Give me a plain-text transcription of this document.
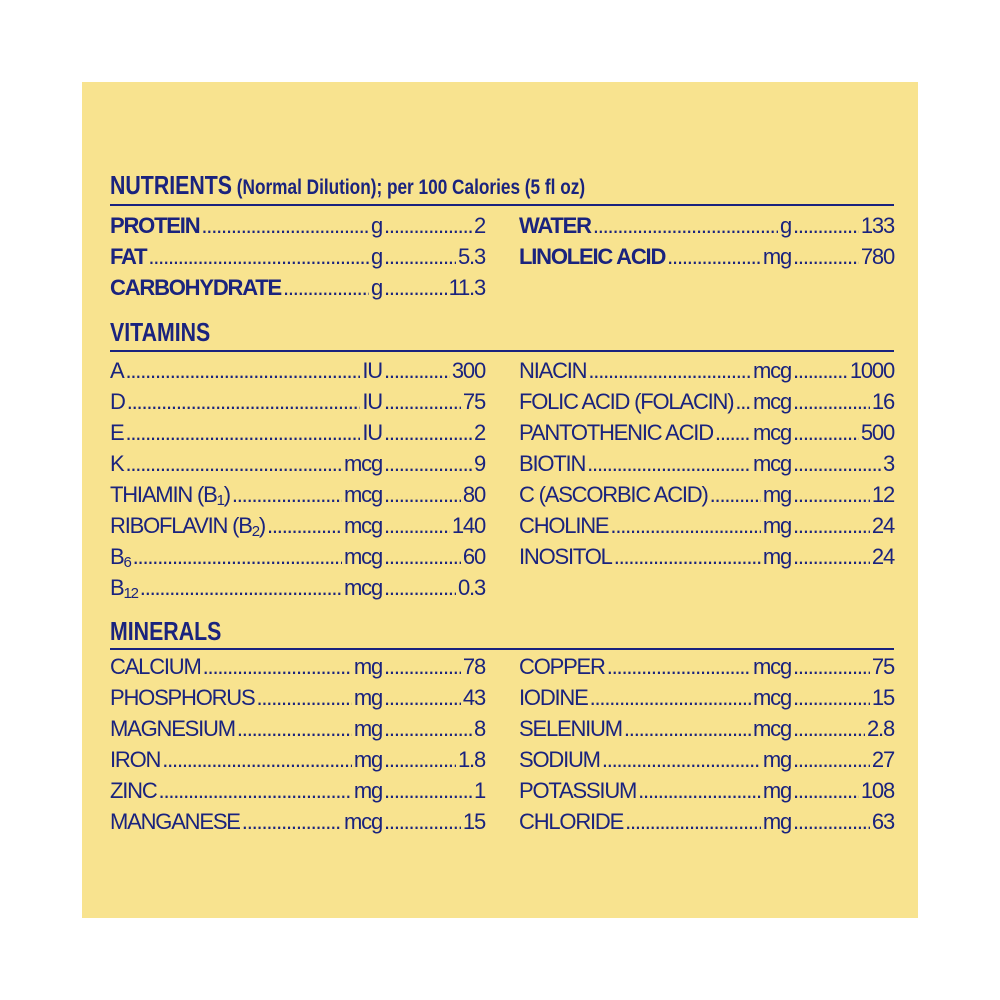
NUTRIENTS (Normal Dilution); per 100 Calories (5 fl oz)
PROTEIN .....	g .....	2
FAT .....	g .....	5.3
CARBOHYDRATE .....	g .....	11.3
WATER .....	g .....	133
LINOLEIC ACID .....	mg .....	780
VITAMINS
A .....	IU .....	300
D .....	IU .....	75
E .....	IU .....	2
K .....	mcg .....	9
THIAMIN $(B_1)$ .....	mcg .....	80
RIBOFLAVIN $(B_2)$ .....	mcg .....	140
$B_6$ .....	mcg .....	60
$B_{12}$ .....	mcg .....	0.3
NIACIN .....	mcg .....	1000
FOLIC ACID (FOLACIN) ..... mcg .....	16
PANTOTHENIC ACID ..... mcg .....	500
BIOTIN .....	mcg .....	3
C (ASCORBIC ACID) .....	mg .....	12
CHOLINE .....	mg .....	24
INOSITOL .....	mg .....	24
MINERALS
CALCIUM .....	mg .....	78
PHOSPHORUS .....	mg .....	43
MAGNESIUM .....	mg .....	8
IRON .....	mg .....	1.8
ZINC .....	mg .....	1
MANGANESE .....	mcg .....	15
COPPER .....	mcg .....	75
IODINE .....	mcg .....	15
SELENIUM .....	mcg .....	2.8
SODIUM .....	mg .....	27
POTASSIUM .....	mg .....	108
CHLORIDE .....	mg .....	63
